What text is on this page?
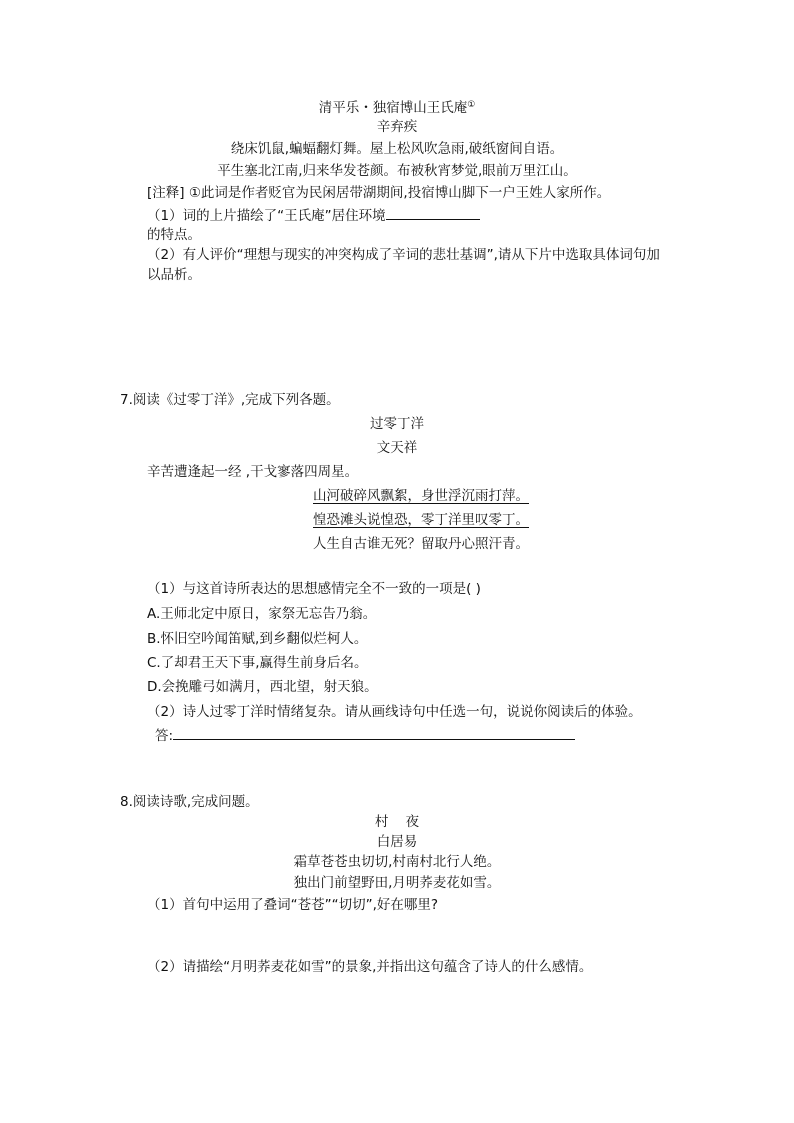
清平乐・独宿博山王氏庵①
辛弃疾
绕床饥鼠,蝙蝠翻灯舞。屋上松风吹急雨,破纸窗间自语。
平生塞北江南,归来华发苍颜。布被秋宵梦觉,眼前万里江山。
[注释] ①此词是作者贬官为民闲居带湖期间,投宿博山脚下一户王姓人家所作。
（1）词的上片描绘了“王氏庵”居住环境
的特点。
（2）有人评价“理想与现实的冲突构成了辛词的悲壮基调”,请从下片中选取具体词句加
以品析。
7.阅读《过零丁洋》,完成下列各题。
过零丁洋
文天祥
辛苦遭逢起一经 ,干戈寥落四周星。
山河破碎风飘絮，身世浮沉雨打萍。
惶恐滩头说惶恐，零丁洋里叹零丁。
人生自古谁无死？留取丹心照汗青。
（1）与这首诗所表达的思想感情完全不一致的一项是( )
A.王师北定中原日，家祭无忘告乃翁。
B.怀旧空吟闻笛赋,到乡翻似烂柯人。
C.了却君王天下事,赢得生前身后名。
D.会挽雕弓如满月，西北望，射天狼。
（2）诗人过零丁洋时情绪复杂。请从画线诗句中任选一句，说说你阅读后的体验。
答:
8.阅读诗歌,完成问题。
村    夜
白居易
霜草苍苍虫切切,村南村北行人绝。
独出门前望野田,月明荞麦花如雪。
（1）首句中运用了叠词“苍苍”“切切”,好在哪里?
（2）请描绘“月明荞麦花如雪”的景象,并指出这句蕴含了诗人的什么感情。
